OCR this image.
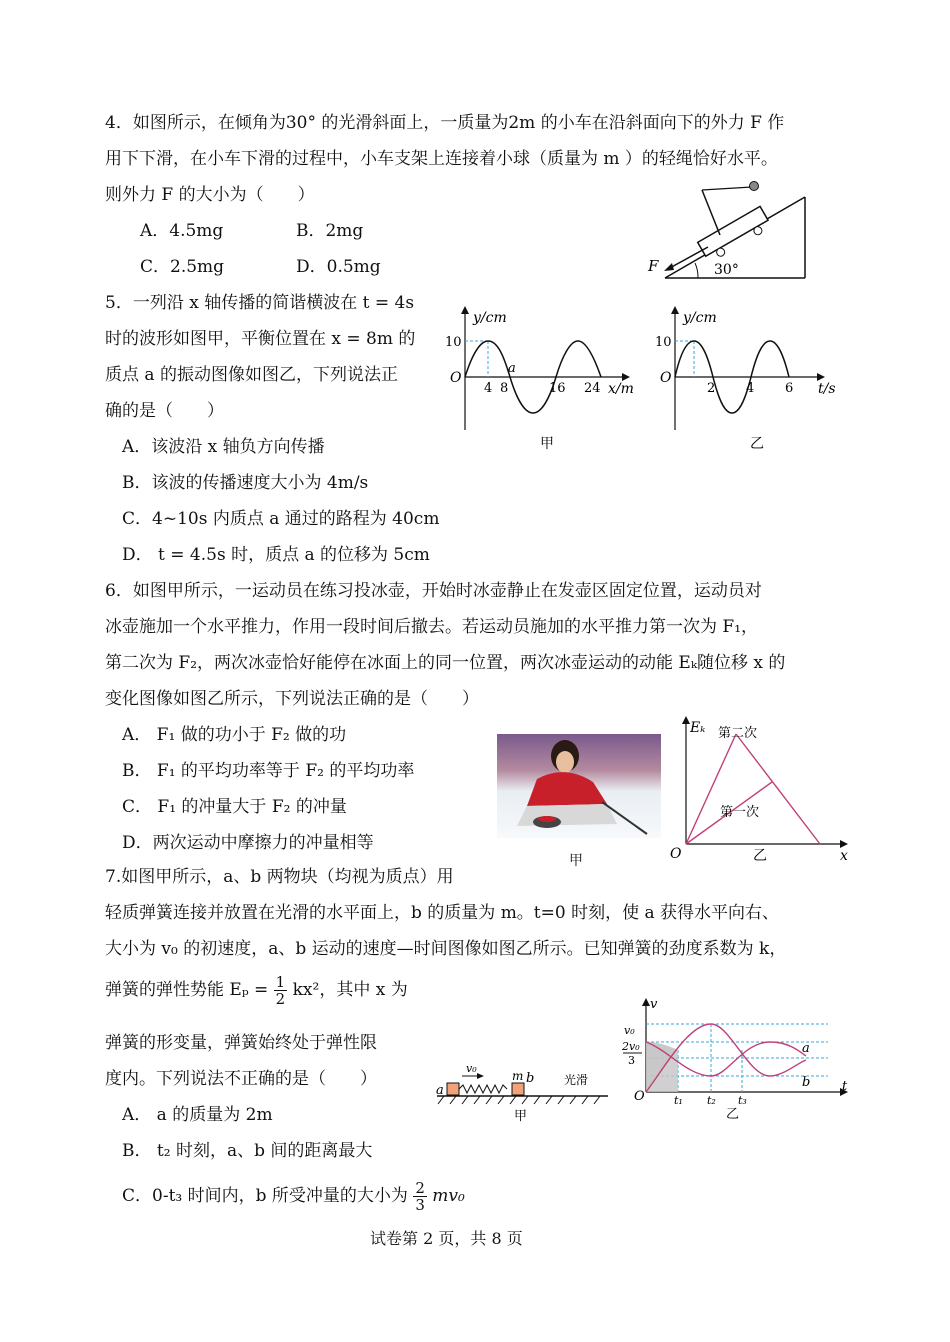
4．如图所示，在倾角为30° 的光滑斜面上，一质量为2m 的小车在沿斜面向下的外力 F 作
用下下滑，在小车下滑的过程中，小车支架上连接着小球（质量为 m ）的轻绳恰好水平。
则外力 F 的大小为（　　）
A．4.5mg	B．2mg
C．2.5mg	D．0.5mg	F	30°
5．一列沿 x 轴传播的简谐横波在 t = 4s
时的波形如图甲，平衡位置在 x = 8m 的
质点 a 的振动图像如图乙，下列说法正
确的是（　　）
y/cm
x/m
10
O
4 8	16 24
a
甲
y/cm
t/s
10
O
2 4 6
乙
A．该波沿 x 轴负方向传播
B．该波的传播速度大小为 4m/s
C．4~10s 内质点 a 通过的路程为 40cm
D． t = 4.5s 时，质点 a 的位移为 5cm
6．如图甲所示，一运动员在练习投冰壶，开始时冰壶静止在发壶区固定位置，运动员对
冰壶施加一个水平推力，作用一段时间后撤去。若运动员施加的水平推力第一次为 F₁，
第二次为 F₂，两次冰壶恰好能停在冰面上的同一位置，两次冰壶运动的动能 Eₖ随位移 x 的
变化图像如图乙所示，下列说法正确的是（　　）
A． F₁ 做的功小于 F₂ 做的功
B． F₁ 的平均功率等于 F₂ 的平均功率
C． F₁ 的冲量大于 F₂ 的冲量
D．两次运动中摩擦力的冲量相等
甲
Eₖ
x
O
第二次
第一次
乙
7.如图甲所示，a、b 两物块（均视为质点）用
轻质弹簧连接并放置在光滑的水平面上，b 的质量为 m。t=0 时刻，使 a 获得水平向右、
大小为 v₀ 的初速度，a、b 运动的速度—时间图像如图乙所示。已知弹簧的劲度系数为 k，
弹簧的弹性势能 $E_p = \frac{1}{2} kx^2$，其中 x 为
弹簧的形变量，弹簧始终处于弹性限
度内。下列说法不正确的是（　　）
A． a 的质量为 2m
B． t₂ 时刻，a、b 间的距离最大
C．0-t₃ 时间内，b 所受冲量的大小为 $\frac{2}{3} mv_0$
a
b
v₀
m	光滑
甲
v
t
O
v₀
2v₀
3
t₁ t₂ t₃
a
b
乙
试卷第 2 页，共 8 页
